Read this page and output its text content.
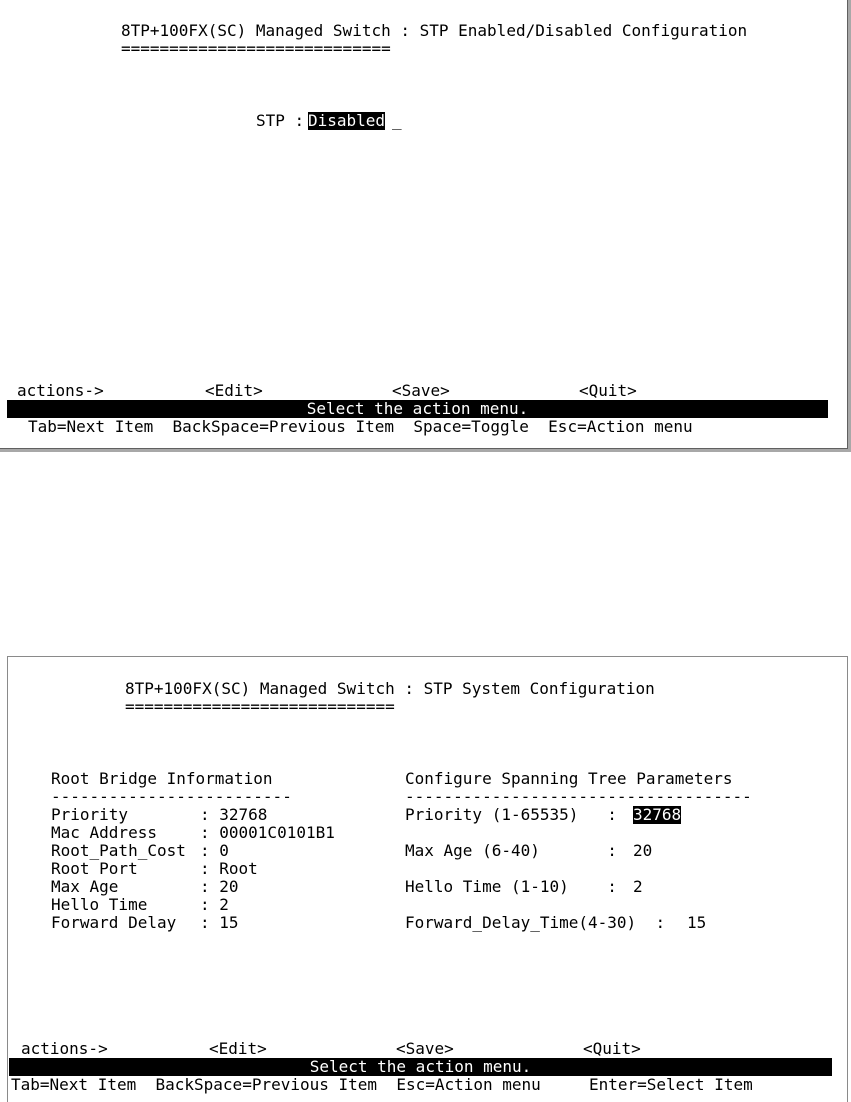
8TP+100FX(SC) Managed Switch : STP Enabled/Disabled Configuration
============================
STP : Disabled _
actions->	<Edit>	<Save>	<Quit>
Select the action menu.
Tab=Next Item  BackSpace=Previous Item  Space=Toggle  Esc=Action menu
8TP+100FX(SC) Managed Switch : STP System Configuration
============================
Root Bridge Information
-------------------------
Priority : 32768
Mac Address : 00001C0101B1
Root_Path_Cost : 0
Root Port : Root
Max Age : 20
Hello Time : 2
Forward Delay : 15
Configure Spanning Tree Parameters
------------------------------------
Priority (1-65535)   : 32768
Max Age (6-40)       : 20
Hello Time (1-10)    : 2
Forward_Delay_Time(4-30)  : 15
actions->	<Edit>	<Save>	<Quit>
Select the action menu.
Tab=Next Item  BackSpace=Previous Item  Esc=Action menu     Enter=Select Item
